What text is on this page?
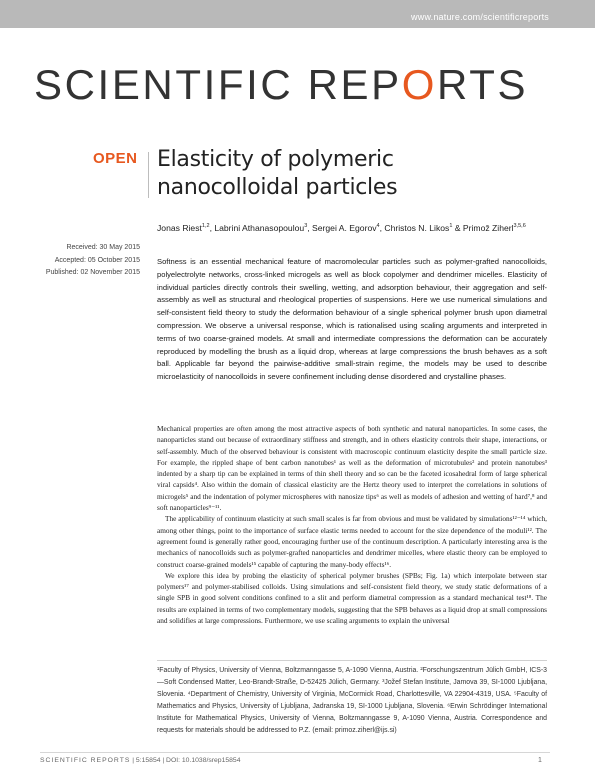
www.nature.com/scientificreports
SCIENTIFIC REPORTS
OPEN Elasticity of polymeric nanocolloidal particles

Jonas Riest$^{1,2}$, Labrini Athanasopoulou$^3$, Sergei A. Egorov$^4$, Christos N. Likos$^1$ & Primož Ziherl$^{3,5,6}$

Received: 30 May 2015
Accepted: 05 October 2015
Published: 02 November 2015

Softness is an essential mechanical feature of macromolecular particles such as polymer-grafted nanocolloids, polyelectrolyte networks, cross-linked microgels as well as block copolymer and dendrimer micelles. Elasticity of individual particles directly controls their swelling, wetting, and adsorption behaviour, their aggregation and self-assembly as well as structural and rheological properties of suspensions. Here we use numerical simulations and self-consistent field theory to study the deformation behaviour of a single spherical polymer brush upon diametral compression. We observe a universal response, which is rationalised using scaling arguments and interpreted in terms of two coarse-grained models. At small and intermediate compressions the deformation can be accurately reproduced by modelling the brush as a liquid drop, whereas at large compressions the brush behaves as a soft ball. Applicable far beyond the pairwise-additive small-strain regime, the models may be used to describe microelasticity of nanocolloids in severe confinement including dense disordered and crystalline phases.

Mechanical properties are often among the most attractive aspects of both synthetic and natural nanoparticles. In some cases, the nanoparticles stand out because of extraordinary stiffness and strength, and in others elasticity controls their shape, interactions, or self-assembly. Much of the observed behaviour is consistent with macroscopic continuum elasticity despite the small particle size. For example, the rippled shape of bent carbon nanotubes¹ as well as the deformation of microtubules² and protein nanotubes³ indented by a sharp tip can be explained in terms of thin shell theory and so can be the faceted icosahedral form of large spherical viral capsids⁴. Also within the domain of classical elasticity are the Hertz theory used to interpret the correlations in solutions of microgels⁵ and the indentation of polymer microspheres with nanosize tips⁶ as well as models of adhesion and wetting of hard⁷,⁸ and soft nanoparticles⁹⁻¹¹.

The applicability of continuum elasticity at such small scales is far from obvious and must be validated by simulations¹²⁻¹⁴ which, among other things, point to the importance of surface elastic terms needed to account for the size dependence of the moduli¹². The agreement found is generally rather good, encouraging further use of the continuum description. A particularly interesting area is the mechanics of nanocolloids such as polymer-grafted nanoparticles and dendrimer micelles, where elastic theory can be employed to construct coarse-grained models¹⁵ capable of capturing the many-body effects¹⁶.

We explore this idea by probing the elasticity of spherical polymer brushes (SPBs; Fig. 1a) which interpolate between star polymers¹⁷ and polymer-stabilised colloids. Using simulations and self-consistent field theory, we study static deformations of a single SPB in good solvent conditions confined to a slit and perform diametral compression as a standard mechanical test¹⁸. The results are explained in terms of two complementary models, suggesting that the SPB behaves as a liquid drop at small compressions and solidifies at large compressions. Furthermore, we use scaling arguments to explain the universal

¹Faculty of Physics, University of Vienna, Boltzmanngasse 5, A-1090 Vienna, Austria. ²Forschungszentrum Jülich GmbH, ICS-3—Soft Condensed Matter, Leo-Brandt-Straße, D-52425 Jülich, Germany. ³Jožef Stefan Institute, Jamova 39, SI-1000 Ljubljana, Slovenia. ⁴Department of Chemistry, University of Virginia, McCormick Road, Charlottesville, VA 22904-4319, USA. ⁵Faculty of Mathematics and Physics, University of Ljubljana, Jadranska 19, SI-1000 Ljubljana, Slovenia. ⁶Erwin Schrödinger International Institute for Mathematical Physics, University of Vienna, Boltzmanngasse 9, A-1090 Vienna, Austria. Correspondence and requests for materials should be addressed to P.Z. (email: primoz.ziherl@ijs.si)

SCIENTIFIC REPORTS | 5:15854 | DOI: 10.1038/srep15854	1
